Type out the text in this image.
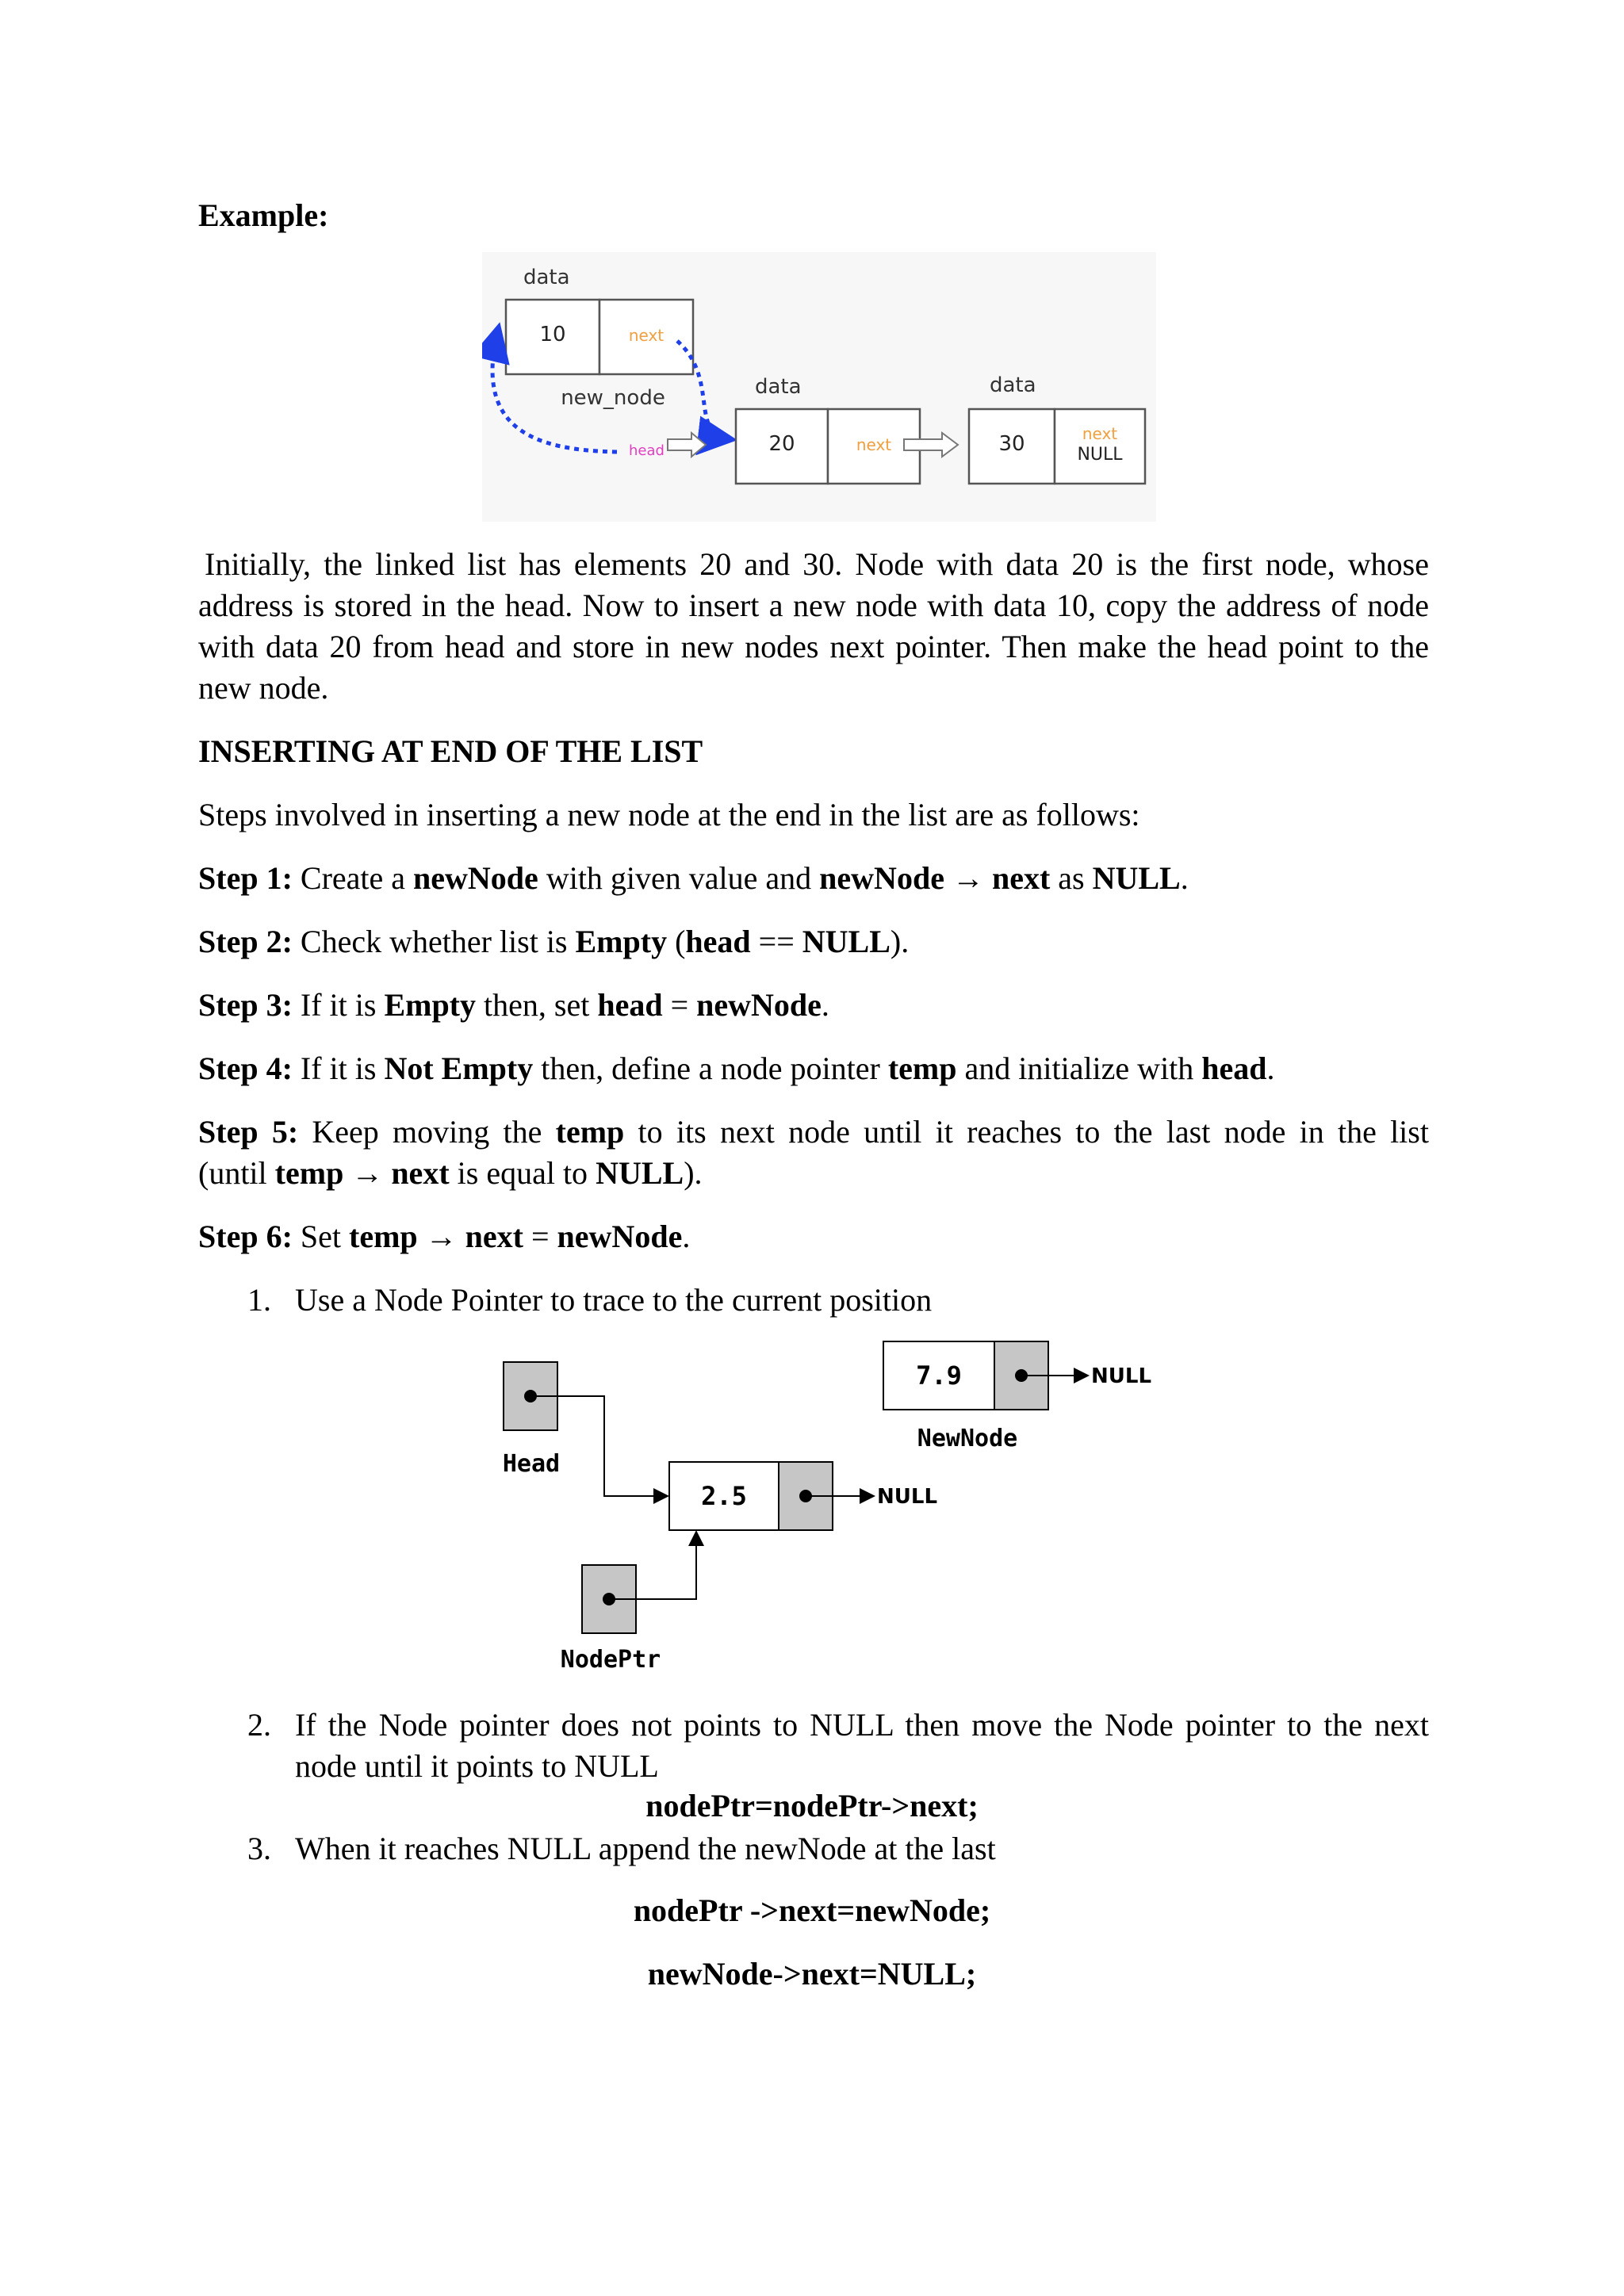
Example:
data
10	next
new_node
head
data
20	next
data
30	next
NULL
Initially, the linked list has elements 20 and 30. Node with data 20 is the first node, whose address is stored in the head. Now to insert a new node with data 10, copy the address of node with data 20 from head and store in new nodes next pointer. Then make the head point to the new node.
INSERTING AT END OF THE LIST
Steps involved in inserting a new node at the end in the list are as follows:
Step 1: Create a newNode with given value and newNode → next as NULL.
Step 2: Check whether list is Empty (head == NULL).
Step 3: If it is Empty then, set head = newNode.
Step 4: If it is Not Empty then, define a node pointer temp and initialize with head.
Step 5: Keep moving the temp to its next node until it reaches to the last node in the list
(until temp → next is equal to NULL).
Step 6: Set temp → next = newNode.
1. Use a Node Pointer to trace to the current position
Head
2.5	NULL
7.9	NULL
NewNode
NodePtr
2. If the Node pointer does not points to NULL then move the Node pointer to the next
node until it points to NULL
nodePtr=nodePtr->next;
3. When it reaches NULL append the newNode at the last
nodePtr ->next=newNode;
newNode->next=NULL;
